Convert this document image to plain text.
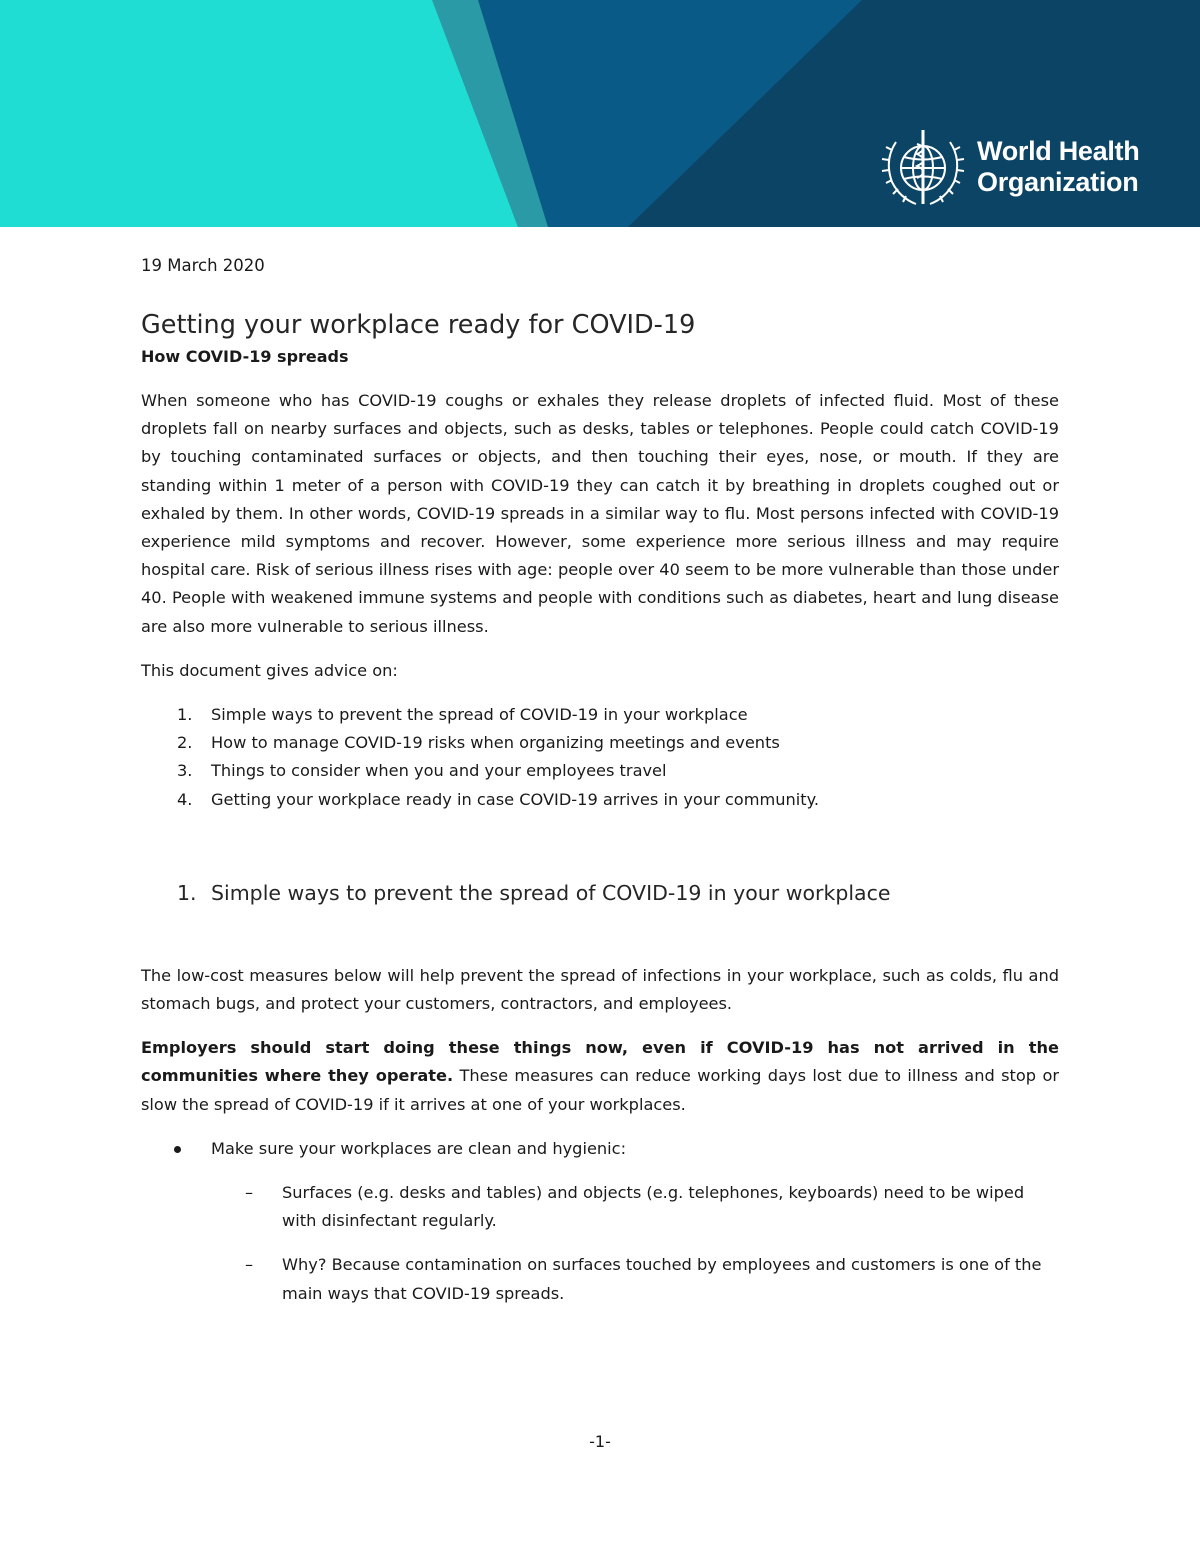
World Health
Organization
19 March 2020
Getting your workplace ready for COVID-19
How COVID-19 spreads

When someone who has COVID-19 coughs or exhales they release droplets of infected fluid. Most of these droplets fall on nearby surfaces and objects, such as desks, tables or telephones. People could catch COVID-19 by touching contaminated surfaces or objects, and then touching their eyes, nose, or mouth. If they are standing within 1 meter of a person with COVID-19 they can catch it by breathing in droplets coughed out or exhaled by them. In other words, COVID-19 spreads in a similar way to flu. Most persons infected with COVID-19 experience mild symptoms and recover. However, some experience more serious illness and may require hospital care. Risk of serious illness rises with age: people over 40 seem to be more vulnerable than those under 40. People with weakened immune systems and people with conditions such as diabetes, heart and lung disease are also more vulnerable to serious illness.

This document gives advice on:

1. Simple ways to prevent the spread of COVID-19 in your workplace
2. How to manage COVID-19 risks when organizing meetings and events
3. Things to consider when you and your employees travel
4. Getting your workplace ready in case COVID-19 arrives in your community.
1. Simple ways to prevent the spread of COVID-19 in your workplace

The low-cost measures below will help prevent the spread of infections in your workplace, such as colds, flu and stomach bugs, and protect your customers, contractors, and employees.

Employers should start doing these things now, even if COVID-19 has not arrived in the communities where they operate. These measures can reduce working days lost due to illness and stop or slow the spread of COVID-19 if it arrives at one of your workplaces.

Make sure your workplaces are clean and hygienic:
– Surfaces (e.g. desks and tables) and objects (e.g. telephones, keyboards) need to be wiped with disinfectant regularly.
– Why? Because contamination on surfaces touched by employees and customers is one of the main ways that COVID-19 spreads.
-1-
